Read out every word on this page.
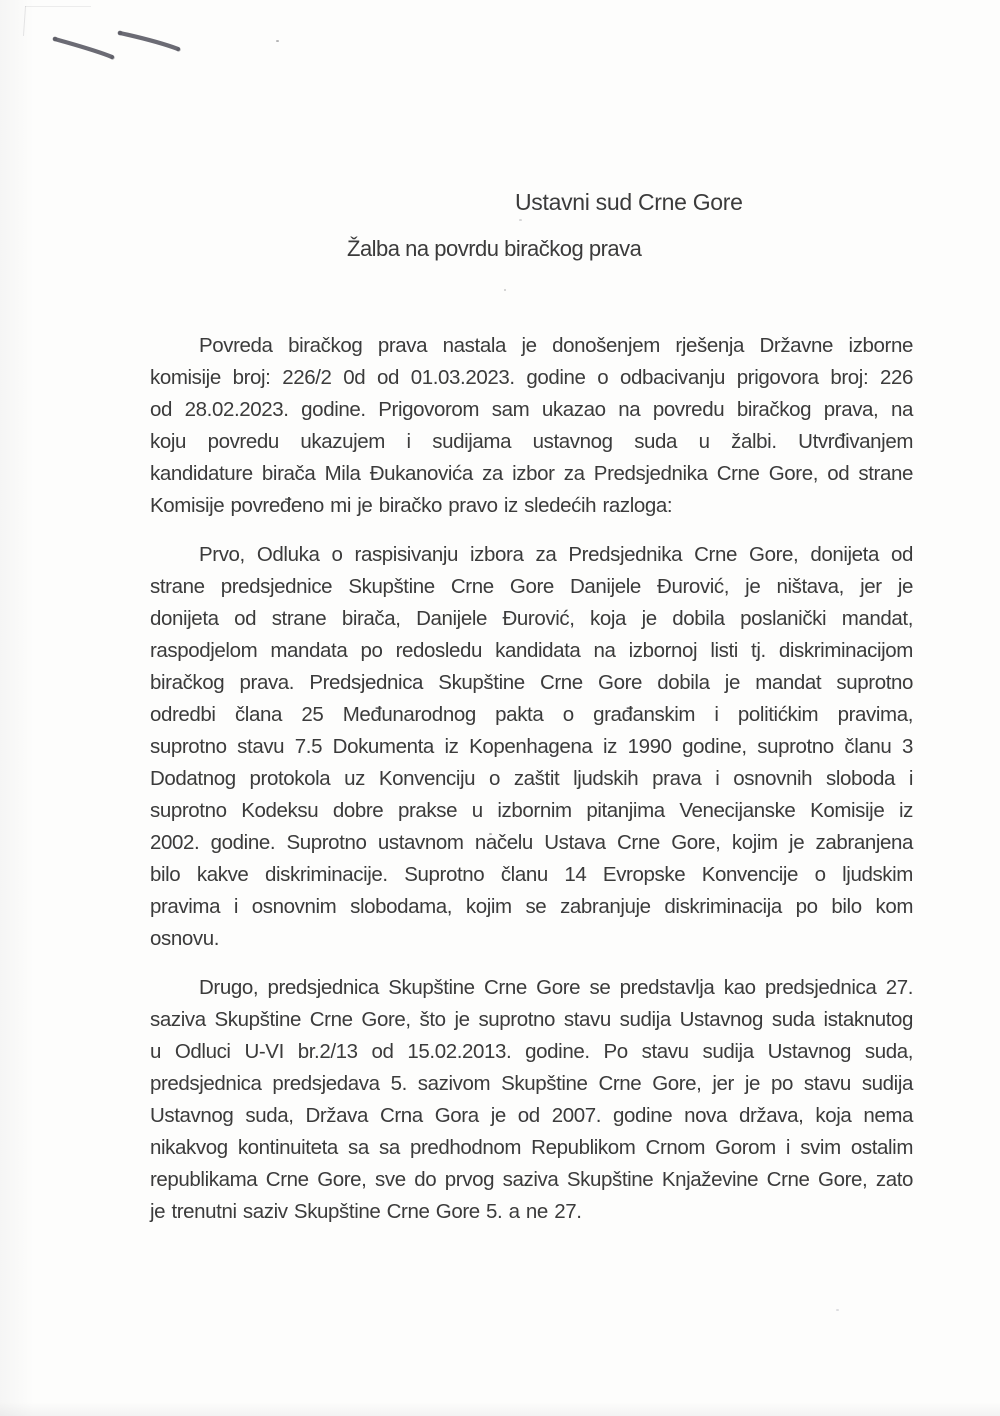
Ustavni sud Crne Gore
Žalba na povrdu biračkog prava
Povreda biračkog prava nastala je donošenjem rješenja Državne izborne
komisije broj: 226/2 0d od 01.03.2023. godine o odbacivanju prigovora broj: 226
od 28.02.2023. godine. Prigovorom sam ukazao na povredu biračkog prava, na
koju povredu ukazujem i sudijama ustavnog suda u žalbi. Utvrđivanjem
kandidature birača Mila Đukanovića za izbor za Predsjednika Crne Gore, od strane
Komisije povređeno mi je biračko pravo iz sledećih razloga:
Prvo, Odluka o raspisivanju izbora za Predsjednika Crne Gore, donijeta od
strane predsjednice Skupštine Crne Gore Danijele Đurović, je ništava, jer je
donijeta od strane birača, Danijele Đurović, koja je dobila poslanički mandat,
raspodjelom mandata po redosledu kandidata na izbornoj listi tj. diskriminacijom
biračkog prava. Predsjednica Skupštine Crne Gore dobila je mandat suprotno
odredbi člana 25 Međunarodnog pakta o građanskim i politićkim pravima,
suprotno stavu 7.5 Dokumenta iz Kopenhagena iz 1990 godine, suprotno članu 3
Dodatnog protokola uz Konvenciju o zaštit ljudskih prava i osnovnih sloboda i
suprotno Kodeksu dobre prakse u izbornim pitanjima Venecijanske Komisije iz
2002. godine. Suprotno ustavnom načelu Ustava Crne Gore, kojim je zabranjena
bilo kakve diskriminacije. Suprotno članu 14 Evropske Konvencije o ljudskim
pravima i osnovnim slobodama, kojim se zabranjuje diskriminacija po bilo kom
osnovu.
Drugo, predsjednica Skupštine Crne Gore se predstavlja kao predsjednica 27.
saziva Skupštine Crne Gore, što je suprotno stavu sudija Ustavnog suda istaknutog
u Odluci U-VI br.2/13 od 15.02.2013. godine. Po stavu sudija Ustavnog suda,
predsjednica predsjedava 5. sazivom Skupštine Crne Gore, jer je po stavu sudija
Ustavnog suda, Država Crna Gora je od 2007. godine nova država, koja nema
nikakvog kontinuiteta sa sa predhodnom Republikom Crnom Gorom i svim ostalim
republikama Crne Gore, sve do prvog saziva Skupštine Knjaževine Crne Gore, zato
je trenutni saziv Skupštine Crne Gore 5. a ne 27.
